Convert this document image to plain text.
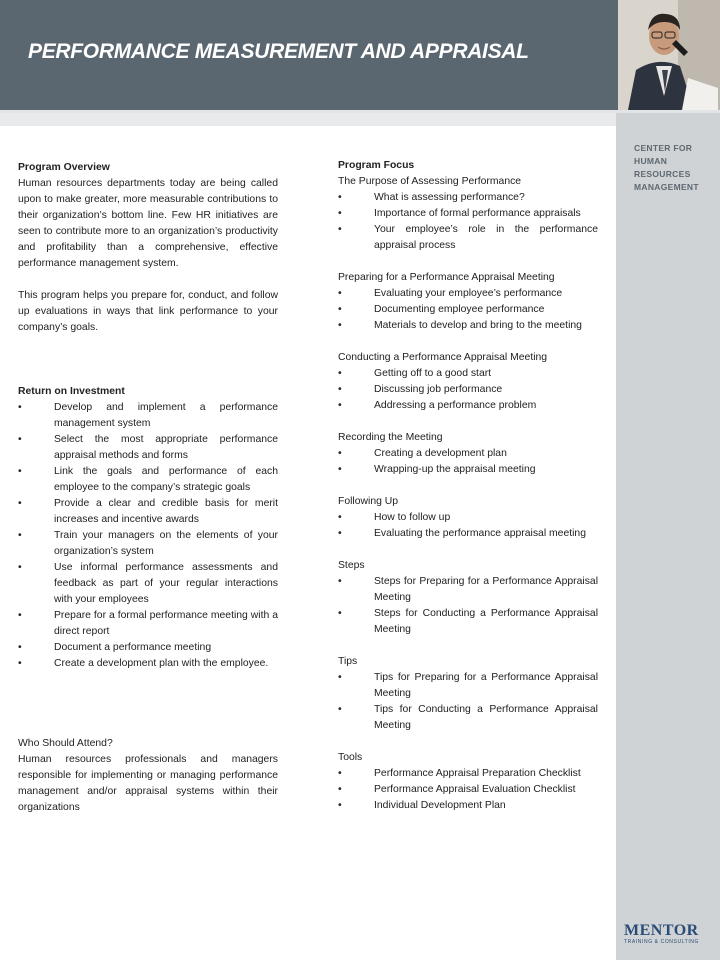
PERFORMANCE MEASUREMENT AND APPRAISAL
CENTER FOR
HUMAN
RESOURCES
MANAGEMENT
MENTOR
TRAINING & CONSULTING
Program Overview
Human resources departments today are being called upon to make greater, more measurable contributions to their organization’s bottom line. Few HR initiatives are seen to contribute more to an organization’s productivity and profitability than a comprehensive, effective performance management system.
This program helps you prepare for, conduct, and follow up evaluations in ways that link performance to your company’s goals.
Return on Investment
• Develop and implement a performance management system
• Select the most appropriate performance appraisal methods and forms
• Link the goals and performance of each employee to the company’s strategic goals
• Provide a clear and credible basis for merit increases and incentive awards
• Train your managers on the elements of your organization’s system
• Use informal performance assessments and feedback as part of your regular interactions with your employees
• Prepare for a formal performance meeting with a direct report
• Document a performance meeting
• Create a development plan with the employee.
Who Should Attend?
Human resources professionals and managers responsible for implementing or managing performance management and/or appraisal systems within their organizations
Program Focus
The Purpose of Assessing Performance
• What is assessing performance?
• Importance of formal performance appraisals
• Your employee’s role in the performance appraisal process
Preparing for a Performance Appraisal Meeting
• Evaluating your employee’s performance
• Documenting employee performance
• Materials to develop and bring to the meeting
Conducting a Performance Appraisal Meeting
• Getting off to a good start
• Discussing job performance
• Addressing a performance problem
Recording the Meeting
• Creating a development plan
• Wrapping-up the appraisal meeting
Following Up
• How to follow up
• Evaluating the performance appraisal meeting
Steps
• Steps for Preparing for a Performance Appraisal Meeting
• Steps for Conducting a Performance Appraisal Meeting
Tips
• Tips for Preparing for a Performance Appraisal Meeting
• Tips for Conducting a Performance Appraisal Meeting
Tools
• Performance Appraisal Preparation Checklist
• Performance Appraisal Evaluation Checklist
• Individual Development Plan
